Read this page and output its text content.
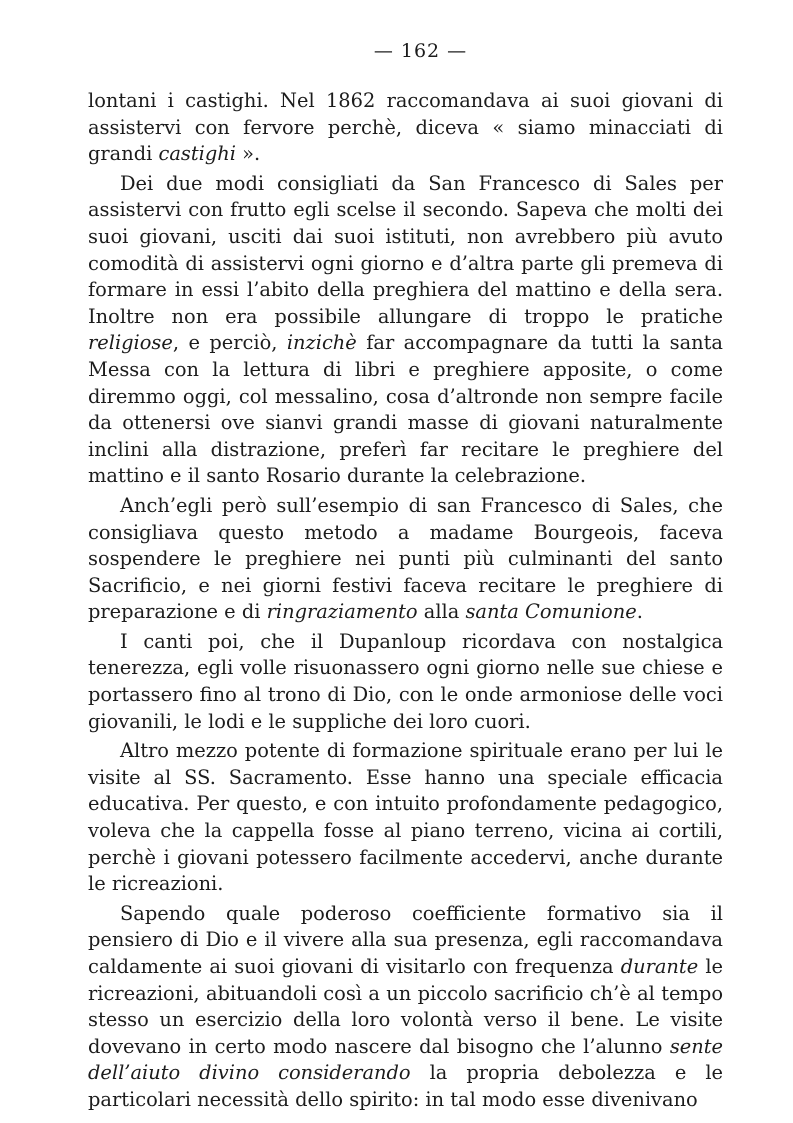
— 162 —

lontani i castighi. Nel 1862 raccomandava ai suoi giovani di assistervi con fervore perchè, diceva « siamo minacciati di grandi castighi ».

Dei due modi consigliati da San Francesco di Sales per assistervi con frutto egli scelse il secondo. Sapeva che molti dei suoi giovani, usciti dai suoi istituti, non avrebbero più avuto comodità di assistervi ogni giorno e d’altra parte gli premeva di formare in essi l’abito della preghiera del mattino e della sera. Inoltre non era possibile allungare di troppo le pratiche religiose, e perciò, inzichè far accompagnare da tutti la santa Messa con la lettura di libri e preghiere apposite, o come diremmo oggi, col messalino, cosa d’altronde non sempre facile da ottenersi ove sianvi grandi masse di giovani naturalmente inclini alla distrazione, preferì far recitare le preghiere del mattino e il santo Rosario durante la celebrazione.

Anch’egli però sull’esempio di san Francesco di Sales, che consigliava questo metodo a madame Bourgeois, faceva sospendere le preghiere nei punti più culminanti del santo Sacrificio, e nei giorni festivi faceva recitare le preghiere di preparazione e di ringraziamento alla santa Comunione.

I canti poi, che il Dupanloup ricordava con nostalgica tenerezza, egli volle risuonassero ogni giorno nelle sue chiese e portassero fino al trono di Dio, con le onde armoniose delle voci giovanili, le lodi e le suppliche dei loro cuori.

Altro mezzo potente di formazione spirituale erano per lui le visite al SS. Sacramento. Esse hanno una speciale efficacia educativa. Per questo, e con intuito profondamente pedagogico, voleva che la cappella fosse al piano terreno, vicina ai cortili, perchè i giovani potessero facilmente accedervi, anche durante le ricreazioni.

Sapendo quale poderoso coefficiente formativo sia il pensiero di Dio e il vivere alla sua presenza, egli raccomandava caldamente ai suoi giovani di visitarlo con frequenza durante le ricreazioni, abituandoli così a un piccolo sacrificio ch’è al tempo stesso un esercizio della loro volontà verso il bene. Le visite dovevano in certo modo nascere dal bisogno che l’alunno sente dell’aiuto divino considerando la propria debolezza e le particolari necessità dello spirito: in tal modo esse divenivano
